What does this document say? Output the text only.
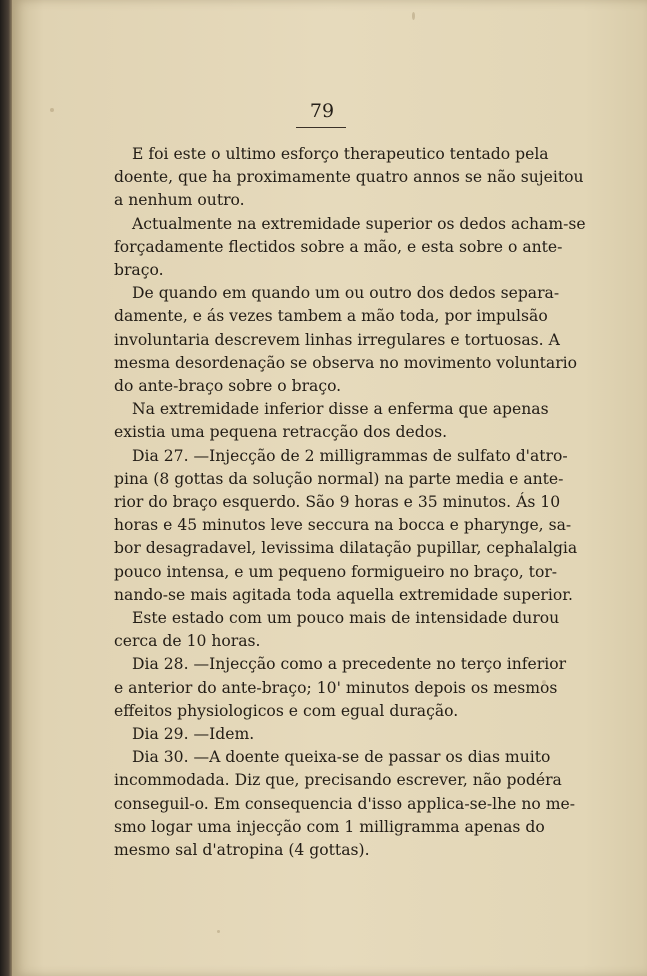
79
E foi este o ultimo esforço therapeutico tentado pela
doente, que ha proximamente quatro annos se não sujeitou
a nenhum outro.
Actualmente na extremidade superior os dedos acham-se
forçadamente flectidos sobre a mão, e esta sobre o ante-
braço.
De quando em quando um ou outro dos dedos separa-
damente, e ás vezes tambem a mão toda, por impulsão
involuntaria descrevem linhas irregulares e tortuosas. A
mesma desordenação se observa no movimento voluntario
do ante-braço sobre o braço.
Na extremidade inferior disse a enferma que apenas
existia uma pequena retracção dos dedos.
Dia 27. —Injecção de 2 milligrammas de sulfato d'atro-
pina (8 gottas da solução normal) na parte media e ante-
rior do braço esquerdo. São 9 horas e 35 minutos. Ás 10
horas e 45 minutos leve seccura na bocca e pharynge, sa-
bor desagradavel, levissima dilatação pupillar, cephalalgia
pouco intensa, e um pequeno formigueiro no braço, tor-
nando-se mais agitada toda aquella extremidade superior.
Este estado com um pouco mais de intensidade durou
cerca de 10 horas.
Dia 28. —Injecção como a precedente no terço inferior
e anterior do ante-braço; 10' minutos depois os mesmos
effeitos physiologicos e com egual duração.
Dia 29. —Idem.
Dia 30. —A doente queixa-se de passar os dias muito
incommodada. Diz que, precisando escrever, não podéra
conseguil-o. Em consequencia d'isso applica-se-lhe no me-
smo logar uma injecção com 1 milligramma apenas do
mesmo sal d'atropina (4 gottas).
